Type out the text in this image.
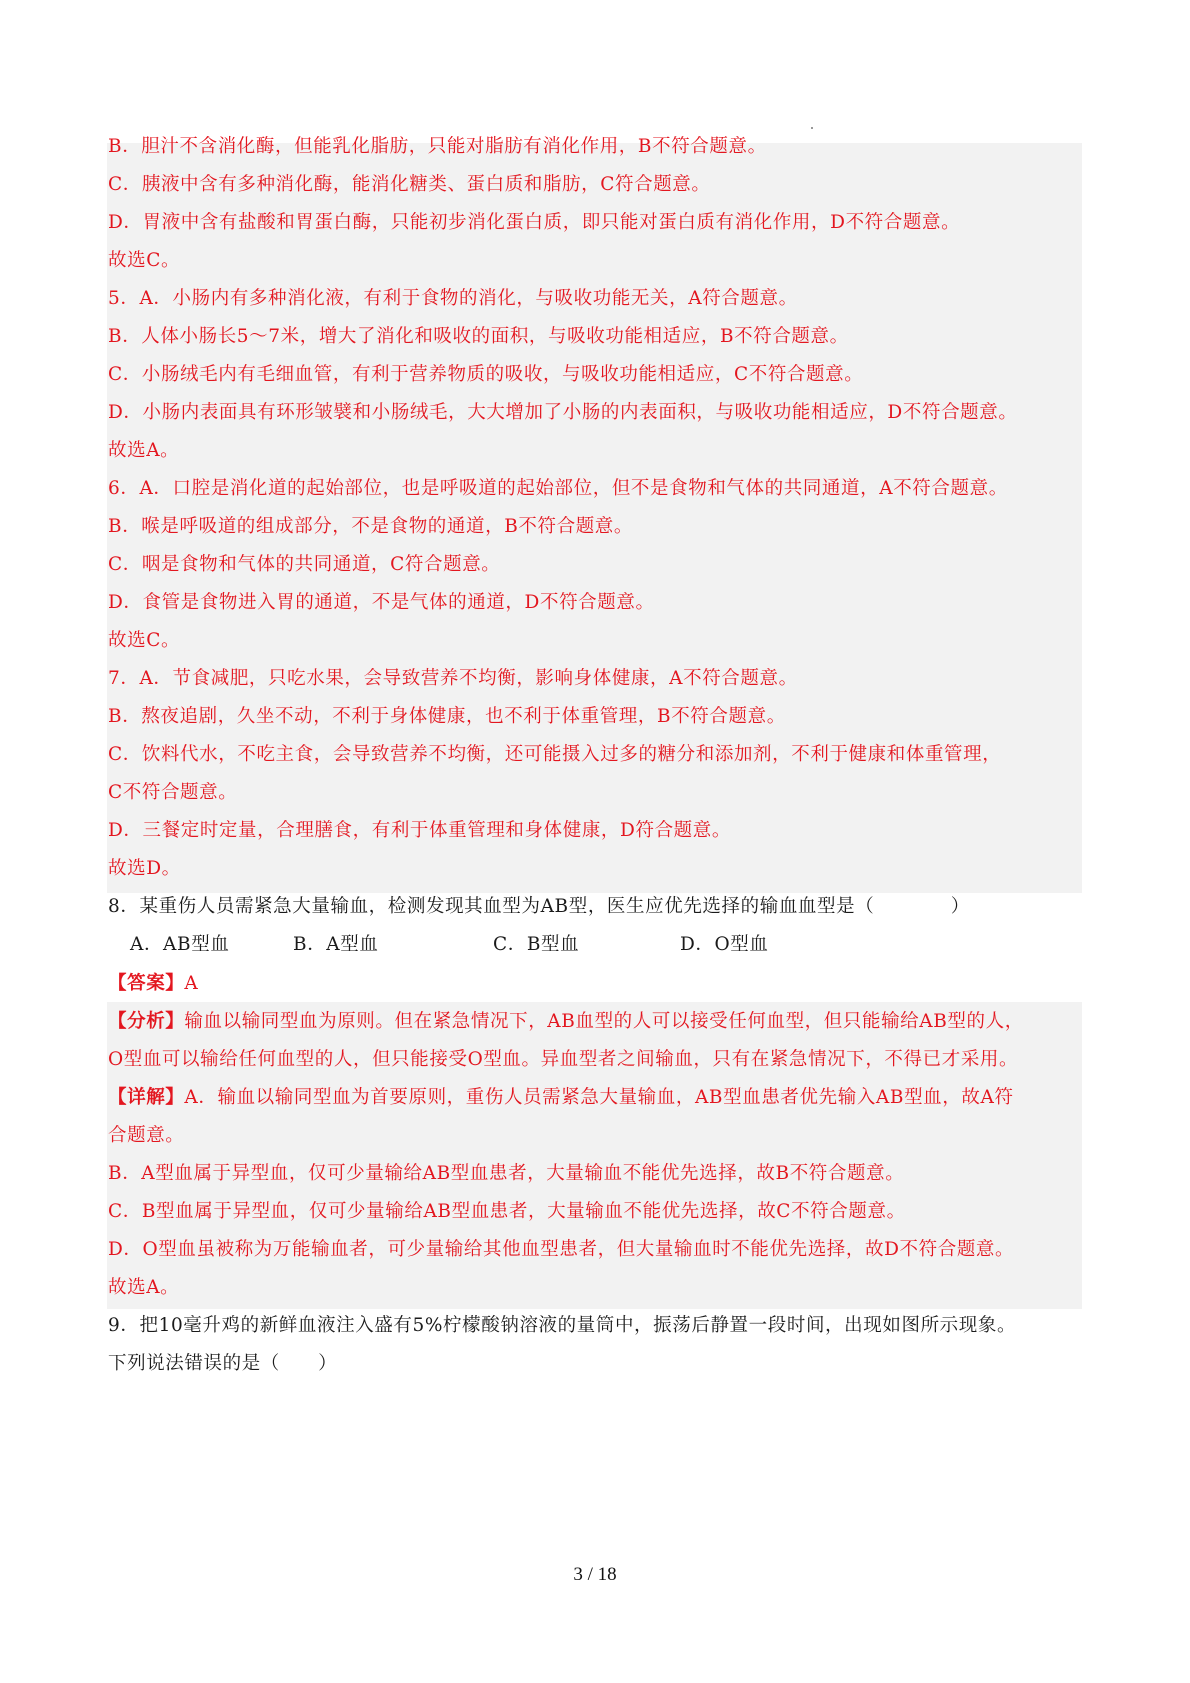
B．胆汁不含消化酶，但能乳化脂肪，只能对脂肪有消化作用，B不符合题意。
C．胰液中含有多种消化酶，能消化糖类、蛋白质和脂肪，C符合题意。
D．胃液中含有盐酸和胃蛋白酶，只能初步消化蛋白质，即只能对蛋白质有消化作用，D不符合题意。
故选C。
5．A．小肠内有多种消化液，有利于食物的消化，与吸收功能无关，A符合题意。
B．人体小肠长5～7米，增大了消化和吸收的面积，与吸收功能相适应，B不符合题意。
C．小肠绒毛内有毛细血管，有利于营养物质的吸收，与吸收功能相适应，C不符合题意。
D．小肠内表面具有环形皱襞和小肠绒毛，大大增加了小肠的内表面积，与吸收功能相适应，D不符合题意。
故选A。
6．A．口腔是消化道的起始部位，也是呼吸道的起始部位，但不是食物和气体的共同通道，A不符合题意。
B．喉是呼吸道的组成部分，不是食物的通道，B不符合题意。
C．咽是食物和气体的共同通道，C符合题意。
D．食管是食物进入胃的通道，不是气体的通道，D不符合题意。
故选C。
7．A．节食减肥，只吃水果，会导致营养不均衡，影响身体健康，A不符合题意。
B．熬夜追剧，久坐不动，不利于身体健康，也不利于体重管理，B不符合题意。
C．饮料代水，不吃主食，会导致营养不均衡，还可能摄入过多的糖分和添加剂，不利于健康和体重管理，
C不符合题意。
D．三餐定时定量，合理膳食，有利于体重管理和身体健康，D符合题意。
故选D。
8．某重伤人员需紧急大量输血，检测发现其血型为AB型，医生应优先选择的输血血型是（　　　　）
A．AB型血	B．A型血	C．B型血	D．O型血
【答案】A
【分析】输血以输同型血为原则。但在紧急情况下，AB血型的人可以接受任何血型，但只能输给AB型的人，
O型血可以输给任何血型的人，但只能接受O型血。异血型者之间输血，只有在紧急情况下，不得已才采用。
【详解】A．输血以输同型血为首要原则，重伤人员需紧急大量输血，AB型血患者优先输入AB型血，故A符
合题意。
B．A型血属于异型血，仅可少量输给AB型血患者，大量输血不能优先选择，故B不符合题意。
C．B型血属于异型血，仅可少量输给AB型血患者，大量输血不能优先选择，故C不符合题意。
D．O型血虽被称为万能输血者，可少量输给其他血型患者，但大量输血时不能优先选择，故D不符合题意。
故选A。
9．把10毫升鸡的新鲜血液注入盛有5%柠檬酸钠溶液的量筒中，振荡后静置一段时间，出现如图所示现象。
下列说法错误的是（　　）
3 / 18
